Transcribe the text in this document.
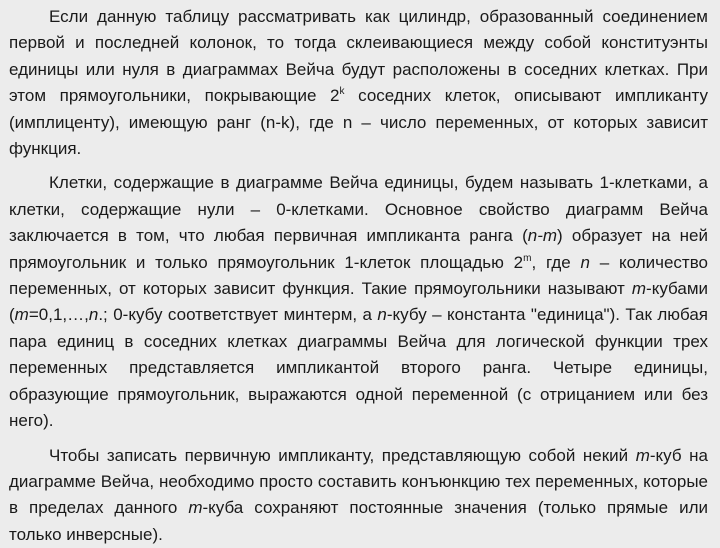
Если данную таблицу рассматривать как цилиндр, образованный соединением первой и последней колонок, то тогда склеивающиеся между собой конституэнты единицы или нуля в диаграммах Вейча будут расположены в соседних клетках. При этом прямоугольники, покрывающие 2$^k$ соседних клеток, описывают импликанту (имплиценту), имеющую ранг (n-k), где n – число переменных, от которых зависит функция.

Клетки, содержащие в диаграмме Вейча единицы, будем называть 1-клетками, а клетки, содержащие нули – 0-клетками. Основное свойство диаграмм Вейча заключается в том, что любая первичная импликанта ранга (n-m) образует на ней прямоугольник и только прямоугольник 1-клеток площадью 2$^m$, где n – количество переменных, от которых зависит функция. Такие прямоугольники называют m-кубами (m=0,1,…,n.; 0-кубу соответствует минтерм, а n-кубу – константа "единица"). Так любая пара единиц в соседних клетках диаграммы Вейча для логической функции трех переменных представляется импликантой второго ранга. Четыре единицы, образующие прямоугольник, выражаются одной переменной (с отрицанием или без него).

Чтобы записать первичную импликанту, представляющую собой некий m-куб на диаграмме Вейча, необходимо просто составить конъюнкцию тех переменных, которые в пределах данного m-куба сохраняют постоянные значения (только прямые или только инверсные).
